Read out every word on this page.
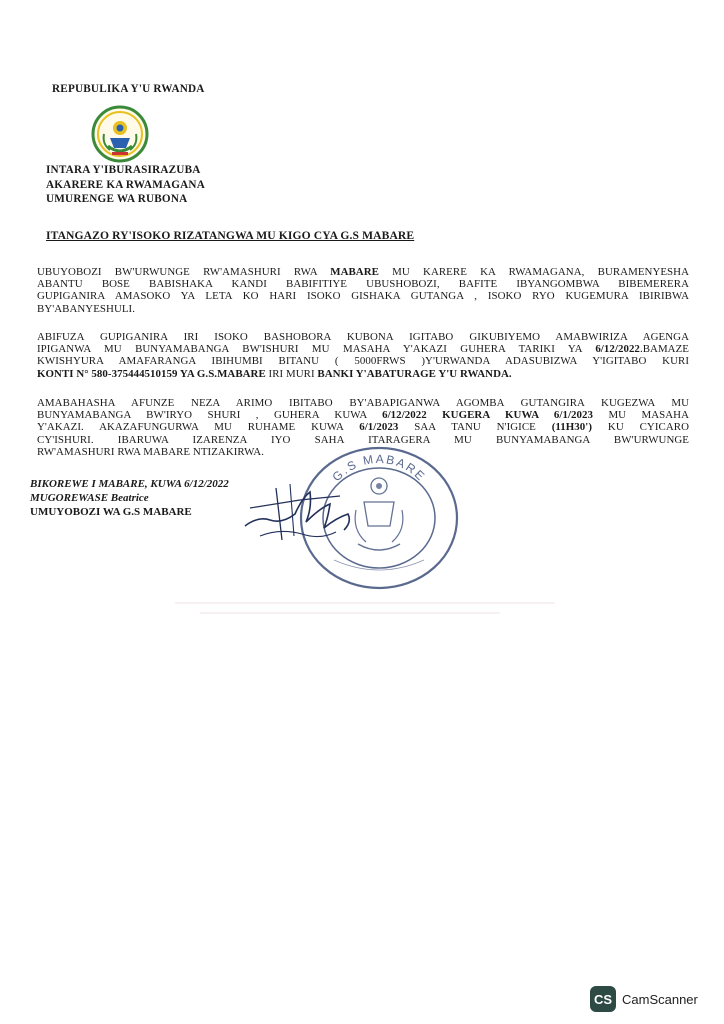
REPUBULIKA Y'U RWANDA
INTARA Y'IBURASIRAZUBA
AKARERE KA RWAMAGANA
UMURENGE WA RUBONA
ITANGAZO RY'ISOKO RIZATANGWA MU KIGO CYA G.S MABARE
UBUYOBOZI BW'URWUNGE RW'AMASHURI RWA MABARE MU KARERE KA RWAMAGANA, BURAMENYESHA
ABANTU BOSE BABISHAKA KANDI BABIFITIYE UBUSHOBOZI, BAFITE IBYANGOMBWA BIBEMERERA
GUPIGANIRA AMASOKO YA LETA KO HARI ISOKO GISHAKA GUTANGA , ISOKO RYO KUGEMURA IBIRIBWA
BY'ABANYESHULI.
ABIFUZA GUPIGANIRA IRI ISOKO BASHOBORA KUBONA IGITABO GIKUBIYEMO AMABWIRIZA AGENGA
IPIGANWA MU BUNYAMABANGA BW'ISHURI MU MASAHA Y'AKAZI GUHERA TARIKI YA 6/12/2022.BAMAZE
KWISHYURA AMAFARANGA IBIHUMBI BITANU ( 5000FRWS )Y'URWANDA ADASUBIZWA Y'IGITABO KURI
KONTI N° 580-375444510159 YA G.S.MABARE IRI MURI BANKI Y'ABATURAGE Y'U RWANDA.
AMABAHASHA AFUNZE NEZA ARIMO IBITABO BY'ABAPIGANWA AGOMBA GUTANGIRA KUGEZWA MU
BUNYAMABANGA BW'IRYO SHURI , GUHERA KUWA 6/12/2022 KUGERA KUWA 6/1/2023 MU MASAHA
Y'AKAZI. AKAZAFUNGURWA MU RUHAME KUWA 6/1/2023 SAA TANU N'IGICE (11H30') KU CYICARO
CY'ISHURI. IBARUWA IZARENZA IYO SAHA ITARAGERA MU BUNYAMABANGA BW'URWUNGE
RW'AMASHURI RWA MABARE NTIZAKIRWA.
G.S MABARE
BIKOREWE I MABARE, KUWA 6/12/2022
MUGOREWASE Beatrice
UMUYOBOZI WA G.S MABARE
CS CamScanner
